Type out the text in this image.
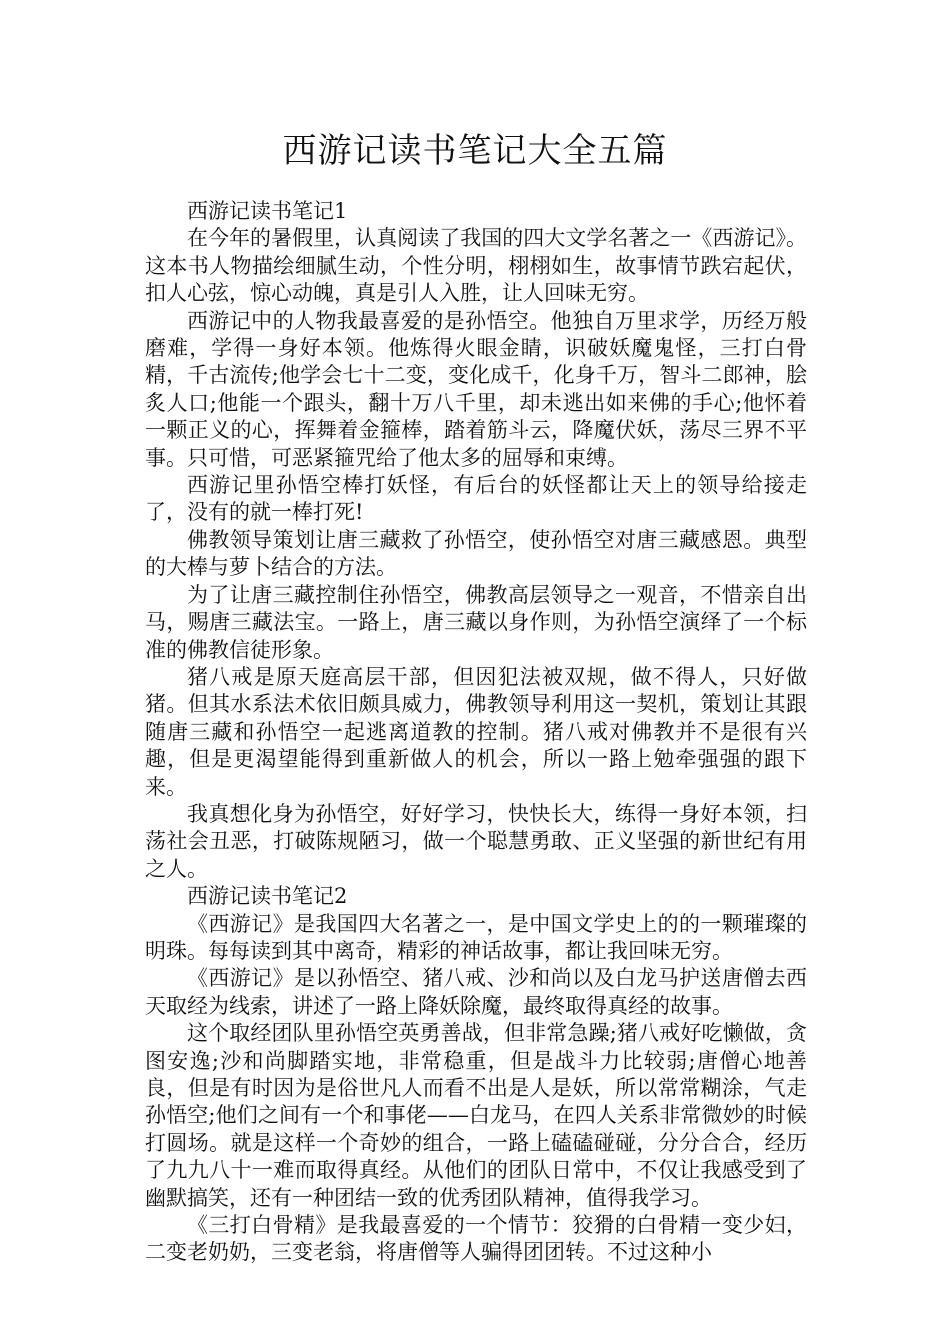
西游记读书笔记大全五篇

西游记读书笔记1

在今年的暑假里，认真阅读了我国的四大文学名著之一《西游记》。这本书人物描绘细腻生动，个性分明，栩栩如生，故事情节跌宕起伏，扣人心弦，惊心动魄，真是引人入胜，让人回味无穷。

西游记中的人物我最喜爱的是孙悟空。他独自万里求学，历经万般磨难，学得一身好本领。他炼得火眼金睛，识破妖魔鬼怪，三打白骨精，千古流传;他学会七十二变，变化成千，化身千万，智斗二郎神，脍炙人口;他能一个跟头，翻十万八千里，却未逃出如来佛的手心;他怀着一颗正义的心，挥舞着金箍棒，踏着筋斗云，降魔伏妖，荡尽三界不平事。只可惜，可恶紧箍咒给了他太多的屈辱和束缚。

西游记里孙悟空棒打妖怪，有后台的妖怪都让天上的领导给接走了，没有的就一棒打死!

佛教领导策划让唐三藏救了孙悟空，使孙悟空对唐三藏感恩。典型的大棒与萝卜结合的方法。

为了让唐三藏控制住孙悟空，佛教高层领导之一观音，不惜亲自出马，赐唐三藏法宝。一路上，唐三藏以身作则，为孙悟空演绎了一个标准的佛教信徒形象。

猪八戒是原天庭高层干部，但因犯法被双规，做不得人，只好做猪。但其水系法术依旧颇具威力，佛教领导利用这一契机，策划让其跟随唐三藏和孙悟空一起逃离道教的控制。猪八戒对佛教并不是很有兴趣，但是更渴望能得到重新做人的机会，所以一路上勉牵强强的跟下来。

我真想化身为孙悟空，好好学习，快快长大，练得一身好本领，扫荡社会丑恶，打破陈规陋习，做一个聪慧勇敢、正义坚强的新世纪有用之人。

西游记读书笔记2

《西游记》是我国四大名著之一，是中国文学史上的的一颗璀璨的明珠。每每读到其中离奇，精彩的神话故事，都让我回味无穷。

《西游记》是以孙悟空、猪八戒、沙和尚以及白龙马护送唐僧去西天取经为线索，讲述了一路上降妖除魔，最终取得真经的故事。

这个取经团队里孙悟空英勇善战，但非常急躁;猪八戒好吃懒做，贪图安逸;沙和尚脚踏实地，非常稳重，但是战斗力比较弱;唐僧心地善良，但是有时因为是俗世凡人而看不出是人是妖，所以常常糊涂，气走孙悟空;他们之间有一个和事佬——白龙马，在四人关系非常微妙的时候打圆场。就是这样一个奇妙的组合，一路上磕磕碰碰，分分合合，经历了九九八十一难而取得真经。从他们的团队日常中，不仅让我感受到了幽默搞笑，还有一种团结一致的优秀团队精神，值得我学习。

《三打白骨精》是我最喜爱的一个情节：狡猾的白骨精一变少妇，二变老奶奶，三变老翁，将唐僧等人骗得团团转。不过这种小
